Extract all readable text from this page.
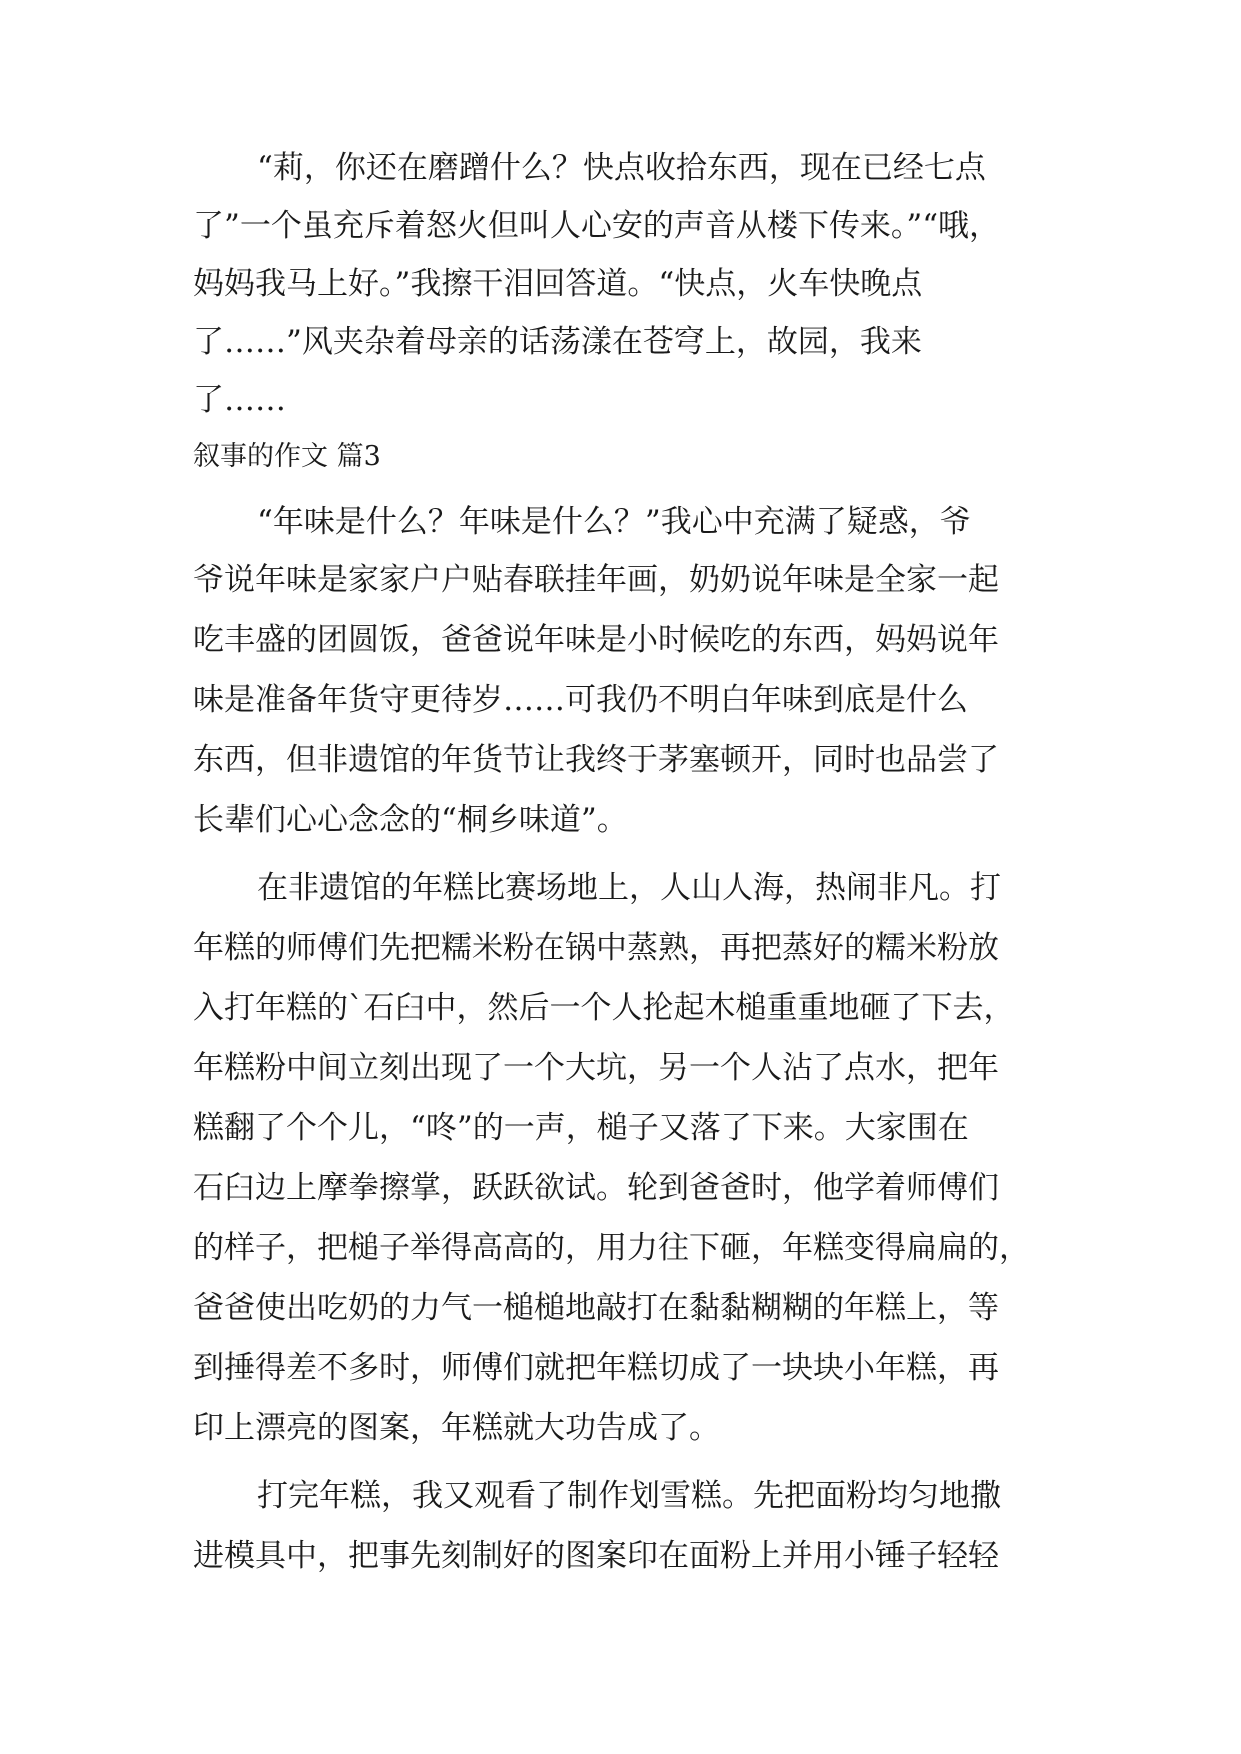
“莉，你还在磨蹭什么？快点收拾东西，现在已经七点
了”一个虽充斥着怒火但叫人心安的声音从楼下传来。”“哦，
妈妈我马上好。”我擦干泪回答道。“快点，火车快晚点
了……”风夹杂着母亲的话荡漾在苍穹上，故园，我来
了……
叙事的作文 篇3
“年味是什么？年味是什么？”我心中充满了疑惑，爷
爷说年味是家家户户贴春联挂年画，奶奶说年味是全家一起
吃丰盛的团圆饭，爸爸说年味是小时候吃的东西，妈妈说年
味是准备年货守更待岁……可我仍不明白年味到底是什么
东西，但非遗馆的年货节让我终于茅塞顿开，同时也品尝了
长辈们心心念念的“桐乡味道”。
在非遗馆的年糕比赛场地上，人山人海，热闹非凡。打
年糕的师傅们先把糯米粉在锅中蒸熟，再把蒸好的糯米粉放
入打年糕的`石臼中，然后一个人抡起木槌重重地砸了下去，
年糕粉中间立刻出现了一个大坑，另一个人沾了点水，把年
糕翻了个个儿，“咚”的一声，槌子又落了下来。大家围在
石臼边上摩拳擦掌，跃跃欲试。轮到爸爸时，他学着师傅们
的样子，把槌子举得高高的，用力往下砸，年糕变得扁扁的，
爸爸使出吃奶的力气一槌槌地敲打在黏黏糊糊的年糕上，等
到捶得差不多时，师傅们就把年糕切成了一块块小年糕，再
印上漂亮的图案，年糕就大功告成了。
打完年糕，我又观看了制作划雪糕。先把面粉均匀地撒
进模具中，把事先刻制好的图案印在面粉上并用小锤子轻轻
